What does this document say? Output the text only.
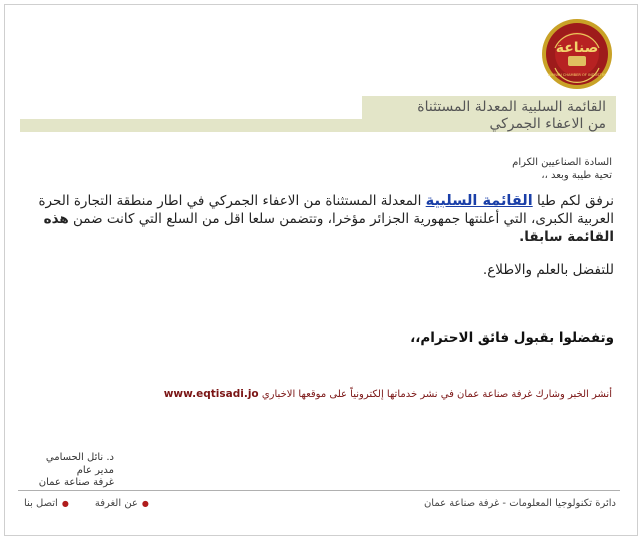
صناعة
AMMAN CHAMBER OF INDUSTRY
القائمة السلبية المعدلة المستثناة
من الاعفاء الجمركي
السادة الصناعيين الكرام
تحية طيبة وبعد ،،
نرفق لكم طيا القائمة السلبية المعدلة المستثناة من الاعفاء الجمركي في اطار منطقة التجارة الحرة العربية الكبرى، التي أعلنتها جمهورية الجزائر مؤخرا، وتتضمن سلعا اقل من السلع التي كانت ضمن هذه القائمة سابقا.
للتفضل بالعلم والاطلاع.
وتفضلوا بقبول فائق الاحترام،،
أنشر الخبر وشارك غرفة صناعة عمان في نشر خدماتها إلكترونياً على موقعها الاخباري www.eqtisadi.jo
د. نائل الحسامي
مدير عام
غرفة صناعة عمان
●
عن الغرفة
●
اتصل بنا	دائرة تكنولوجيا المعلومات - غرفة صناعة عمان
